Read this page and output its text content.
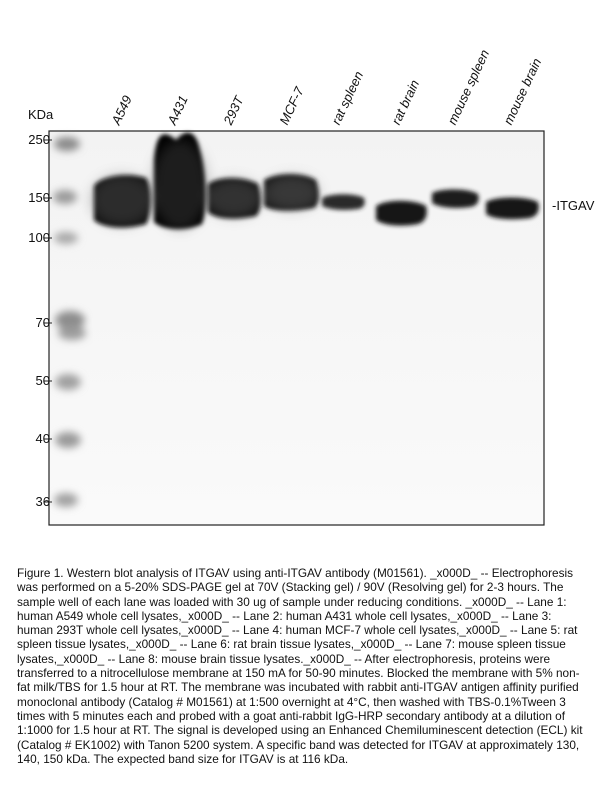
A549 A431 293T MCF-7 rat spleen rat brain mouse spleen mouse brain
KDa
250
150
100
70
50
40
36
-ITGAV
Figure 1. Western blot analysis of ITGAV using anti-ITGAV antibody (M01561). _x000D_ -- Electrophoresis was performed on a 5-20% SDS-PAGE gel at 70V (Stacking gel) / 90V (Resolving gel) for 2-3 hours. The sample well of each lane was loaded with 30 ug of sample under reducing conditions. _x000D_ -- Lane 1: human A549 whole cell lysates,_x000D_ -- Lane 2: human A431 whole cell lysates,_x000D_ -- Lane 3: human 293T whole cell lysates,_x000D_ -- Lane 4: human MCF-7 whole cell lysates,_x000D_ -- Lane 5: rat spleen tissue lysates,_x000D_ -- Lane 6: rat brain tissue lysates,_x000D_ -- Lane 7: mouse spleen tissue lysates,_x000D_ -- Lane 8: mouse brain tissue lysates._x000D_ -- After electrophoresis, proteins were transferred to a nitrocellulose membrane at 150 mA for 50-90 minutes. Blocked the membrane with 5% non-fat milk/TBS for 1.5 hour at RT. The membrane was incubated with rabbit anti-ITGAV antigen affinity purified monoclonal antibody (Catalog # M01561) at 1:500 overnight at 4°C, then washed with TBS-0.1%Tween 3 times with 5 minutes each and probed with a goat anti-rabbit IgG-HRP secondary antibody at a dilution of 1:1000 for 1.5 hour at RT. The signal is developed using an Enhanced Chemiluminescent detection (ECL) kit (Catalog # EK1002) with Tanon 5200 system. A specific band was detected for ITGAV at approximately 130, 140, 150 kDa. The expected band size for ITGAV is at 116 kDa.
